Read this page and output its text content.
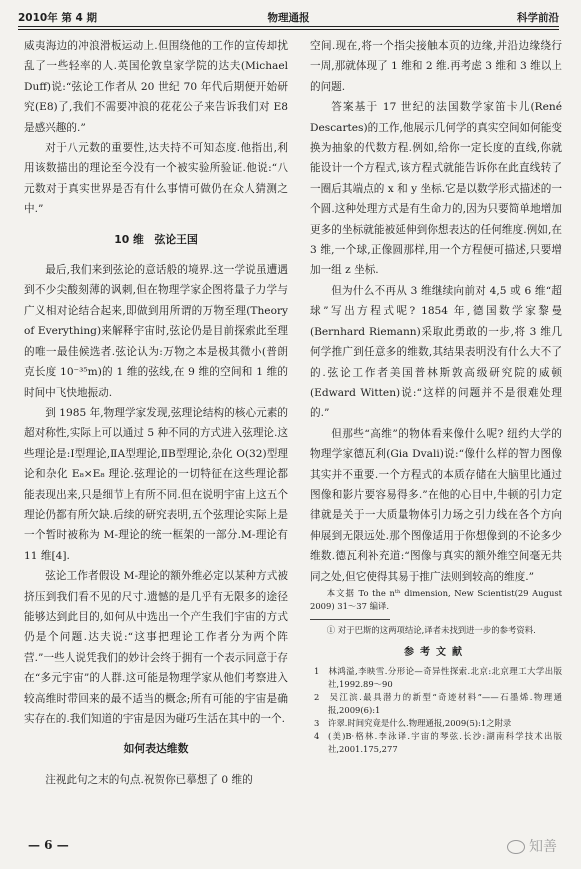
2010年 第 4 期	物理通报	科学前沿

威夷海边的冲浪滑板运动上.但围绕他的工作的宣传却扰乱了一些轻率的人.英国伦敦皇家学院的达夫(Michael Duff)说:“弦论工作者从 20 世纪 70 年代后期便开始研究(E8)了,我们不需要冲浪的花花公子来告诉我们对 E8 是感兴趣的.”

对于八元数的重要性,达夫持不可知态度.他指出,利用该数描出的理论至今没有一个被实验所验证.他说:“八元数对于真实世界是否有什么事情可做仍在众人猜测之中.”

10 维　弦论王国

最后,我们来到弦论的意话般的境界.这一学说虽遭遇到不少尖酸刻薄的讽刺,但在物理学家企图将量子力学与广义相对论结合起来,即做到用所谓的万物至理(Theory of Everything)来解释宇宙时,弦论仍是目前探索此至理的唯一最佳候选者.弦论认为:万物之本是极其微小(普朗克长度 10⁻³⁵m)的 1 维的弦线,在 9 维的空间和 1 维的时间中飞快地振动.

到 1985 年,物理学家发现,弦理论结构的核心元素的超对称性,实际上可以通过 5 种不同的方式进入弦理论.这些理论是:Ⅰ型理论,ⅡA型理论,ⅡB型理论,杂化 O(32)型理论和杂化 E₈×E₈ 理论.弦理论的一切特征在这些理论都能表现出来,只是细节上有所不同.但在说明宇宙上这五个理论仍都有所欠缺.后续的研究表明,五个弦理论实际上是一个暂时被称为 M-理论的统一框架的一部分.M-理论有 11 维[4].

弦论工作者假设 M-理论的额外维必定以某种方式被挤压到我们看不见的尺寸.遗憾的是几乎有无限多的途径能够达到此目的,如何从中选出一个产生我们宇宙的方式仍是个问题.达夫说:“这事把理论工作者分为两个阵营.”一些人说凭我们的妙计会终于拥有一个表示同意于存在“多元宇宙”的人群.这可能是物理学家从他们考察进入较高维时带回来的最不适当的概念;所有可能的宇宙是确实存在的.我们知道的宇宙是因为碰巧生活在其中的一个.

如何表达维数

注视此句之末的句点.祝贺你已摹想了 0 维的

空间.现在,将一个指尖接触本页的边缘,并沿边缘绕行一周,那就体现了 1 维和 2 维.再考虑 3 维和 3 维以上的问题.

答案基于 17 世纪的法国数学家笛卡儿(René Descartes)的工作,他展示几何学的真实空间如何能变换为抽象的代数方程.例如,给你一定长度的直线,你就能设计一个方程式,该方程式就能告诉你在此直线转了一圈后其端点的 x 和 y 坐标.它是以数学形式描述的一个圆.这种处理方式是有生命力的,因为只要简单地增加更多的坐标就能被延伸到你想表达的任何维度.例如,在 3 维,一个球,正像圆那样,用一个方程便可描述,只要增加一组 z 坐标.

但为什么不再从 3 维继续向前对 4,5 或 6 维“超球”写出方程式呢? 1854 年,德国数学家黎曼(Bernhard Riemann)采取此勇敢的一步,将 3 维几何学推广到任意多的维数,其结果表明没有什么大不了的.弦论工作者美国普林斯敦高级研究院的威顿(Edward Witten)说:“这样的问题并不是很难处理的.”

但那些“高维”的物体看来像什么呢? 纽约大学的物理学家德瓦利(Gia Dvali)说:“像什么样的智力图像其实并不重要.一个方程式的本质存储在大脑里比通过图像和影片要容易得多.”在他的心目中,牛顿的引力定律就是关于一大质量物体引力场之引力线在各个方向伸展到无限远处.那个图像适用于你想像到的不论多少维数.德瓦利补充道:“图像与真实的额外维空间毫无共同之处,但它使得其易于推广法则到较高的维度.”

本文据 To the nᵗʰ dimension, New Scientist(29 August 2009) 31～37 编译.

① 对于巴斯的这两项结论,译者未找到进一步的参考资料.

参考文献
1 林鸿溢,李映雪.分形论—奇异性探索.北京:北京理工大学出版社,1992.89～90
2 吴江滨.最具潜力的新型“奇迹材料”——石墨烯.物理通报,2009(6):1
3 许翠.时间究竟是什么.物理通报,2009(5):1之附录
4 (美)B·格林.李泳译.宇宙的琴弦.长沙:湖南科学技术出版社,2001.175,277
— 6 —	知善
